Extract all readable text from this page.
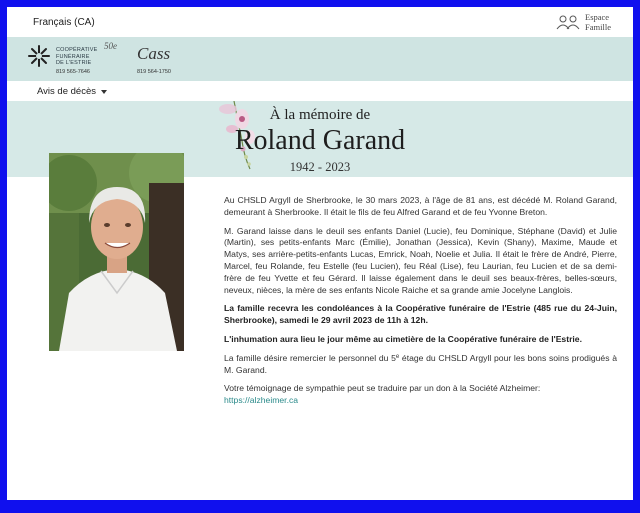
Français (CA)	Espace
Famille
COOPÉRATIVE
FUNÉRAIRE
DE L'ESTRIE
50e
819 565-7646
Cass
819 564-1750
Avis de décès
À la mémoire de
Roland Garand
1942 - 2023

Au CHSLD Argyll de Sherbrooke, le 30 mars 2023, à l'âge de 81 ans, est décédé M. Roland Garand, demeurant à Sherbrooke. Il était le fils de feu Alfred Garand et de feu Yvonne Breton.

M. Garand laisse dans le deuil ses enfants Daniel (Lucie), feu Dominique, Stéphane (David) et Julie (Martin), ses petits-enfants Marc (Émilie), Jonathan (Jessica), Kevin (Shany), Maxime, Maude et Matys, ses arrière-petits-enfants Lucas, Emrick, Noah, Noelie et Julia. Il était le frère de André, Pierre, Marcel, feu Rolande, feu Estelle (feu Lucien), feu Réal (Lise), feu Laurian, feu Lucien et de sa demi-frère de feu Yvette et feu Gérard. Il laisse également dans le deuil ses beaux-frères, belles-sœurs, neveux, nièces, la mère de ses enfants Nicole Raiche et sa grande amie Jocelyne Langlois.

La famille recevra les condoléances à la Coopérative funéraire de l'Estrie (485 rue du 24-Juin, Sherbrooke), samedi le 29 avril 2023 de 11h à 12h.

L'inhumation aura lieu le jour même au cimetière de la Coopérative funéraire de l'Estrie.

La famille désire remercier le personnel du 5e étage du CHSLD Argyll pour les bons soins prodigués à M. Garand.

Votre témoignage de sympathie peut se traduire par un don à la Société Alzheimer:
https://alzheimer.ca
